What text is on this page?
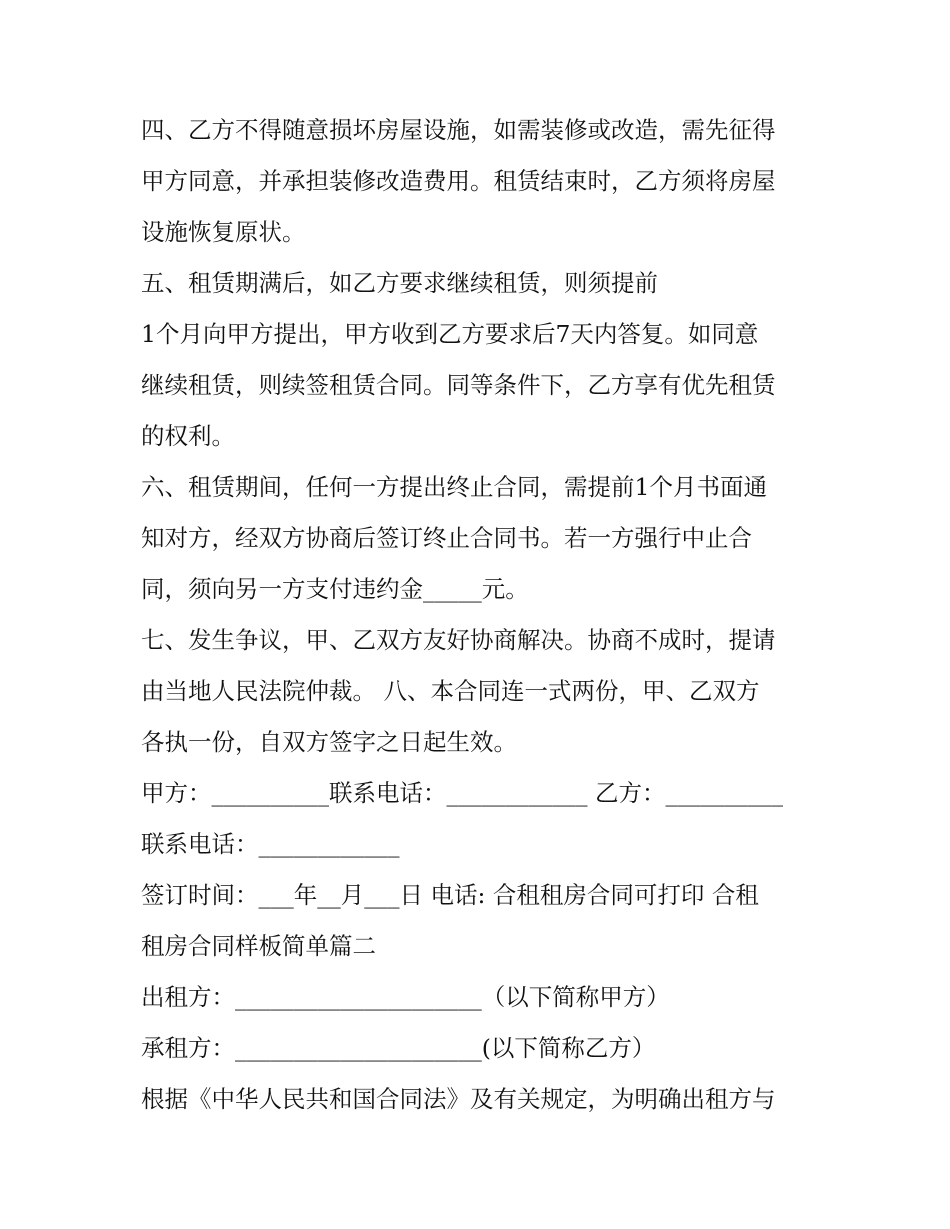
四、乙方不得随意损坏房屋设施，如需装修或改造，需先征得
甲方同意，并承担装修改造费用。租赁结束时，乙方须将房屋
设施恢复原状。
五、租赁期满后，如乙方要求继续租赁，则须提前
1个月向甲方提出，甲方收到乙方要求后7天内答复。如同意
继续租赁，则续签租赁合同。同等条件下，乙方享有优先租赁
的权利。
六、租赁期间，任何一方提出终止合同，需提前1个月书面通
知对方，经双方协商后签订终止合同书。若一方强行中止合
同，须向另一方支付违约金_____元。
七、发生争议，甲、乙双方友好协商解决。协商不成时，提请
由当地人民法院仲裁。 八、本合同连一式两份，甲、乙双方
各执一份，自双方签字之日起生效。
甲方：__________联系电话：____________ 乙方：__________
联系电话：____________
签订时间：___年__月___日 电话: 合租租房合同可打印 合租
租房合同样板简单篇二
出租方：_____________________（以下简称甲方）
承租方：_____________________(以下简称乙方）
根据《中华人民共和国合同法》及有关规定，为明确出租方与
